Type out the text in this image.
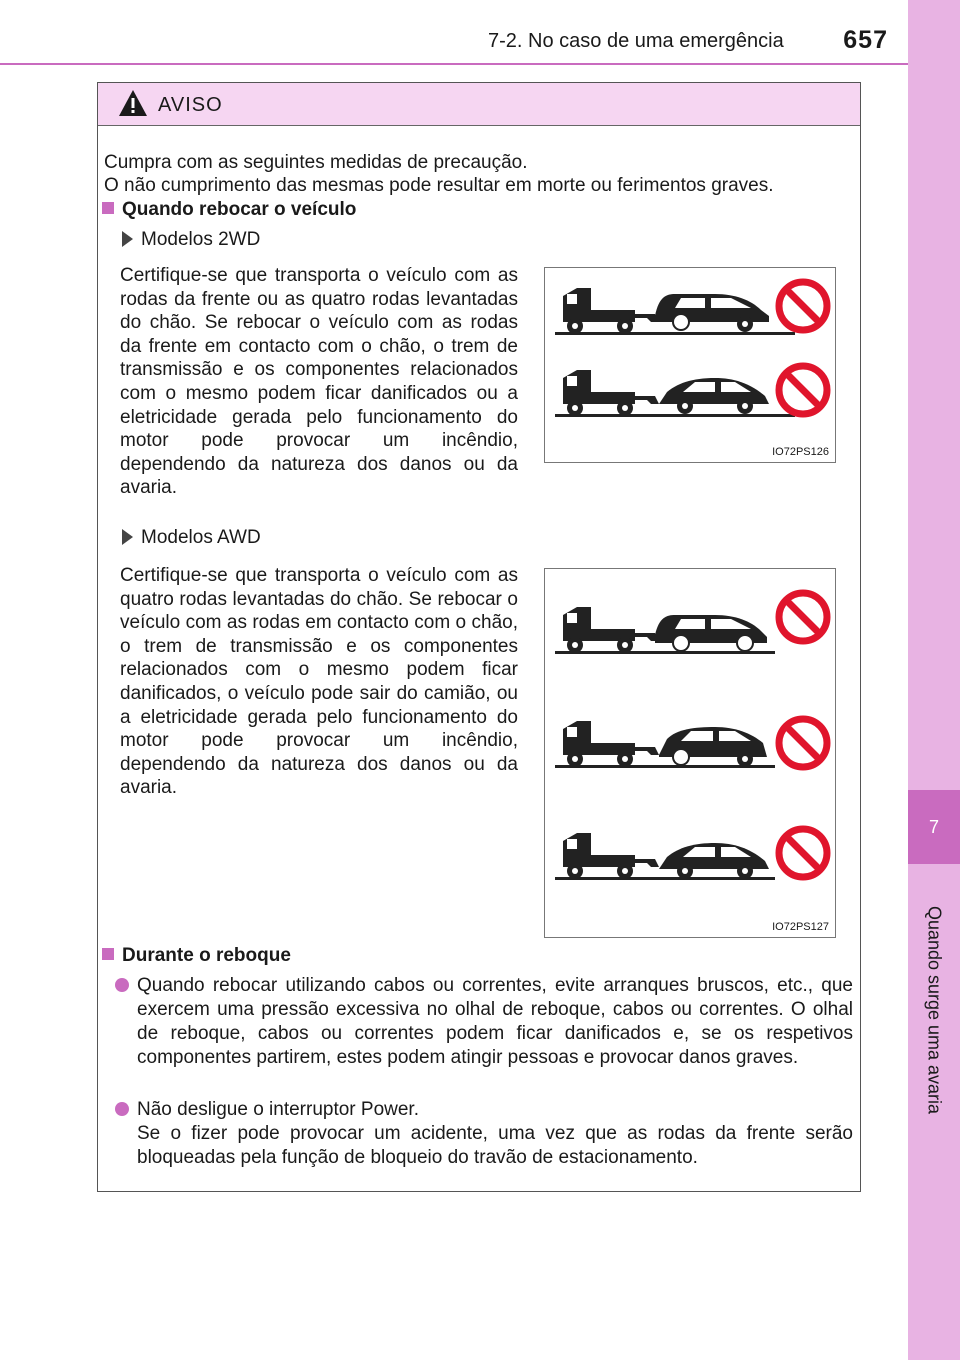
7
Quando surge uma avaria
7-2. No caso de uma emergência 657
AVISO
Cumpra com as seguintes medidas de precaução.
O não cumprimento das mesmas pode resultar em morte ou ferimentos graves.
Quando rebocar o veículo
Modelos 2WD
Certifique-se que transporta o veículo com as rodas da frente ou as quatro rodas levantadas do chão. Se rebocar o veículo com as rodas da frente em contacto com o chão, o trem de transmissão e os componentes relacionados com o mesmo podem ficar danificados ou a eletricidade gerada pelo funcionamento do motor pode provocar um incêndio, dependendo da natureza dos danos ou da avaria.
IO72PS126
Modelos AWD
Certifique-se que transporta o veículo com as quatro rodas levantadas do chão. Se rebocar o veículo com as rodas em contacto com o chão, o trem de transmissão e os componentes relacionados com o mesmo podem ficar danificados, o veículo pode sair do camião, ou a eletricidade gerada pelo funcionamento do motor pode provocar um incêndio, dependendo da natureza dos danos ou da avaria.
IO72PS127
Durante o reboque
Quando rebocar utilizando cabos ou correntes, evite arranques bruscos, etc., que exercem uma pressão excessiva no olhal de reboque, cabos ou correntes. O olhal de reboque, cabos ou correntes podem ficar danificados e, se os respetivos componentes partirem, estes podem atingir pessoas e provocar danos graves.
Não desligue o interruptor Power.
Se o fizer pode provocar um acidente, uma vez que as rodas da frente serão bloqueadas pela função de bloqueio do travão de estacionamento.
